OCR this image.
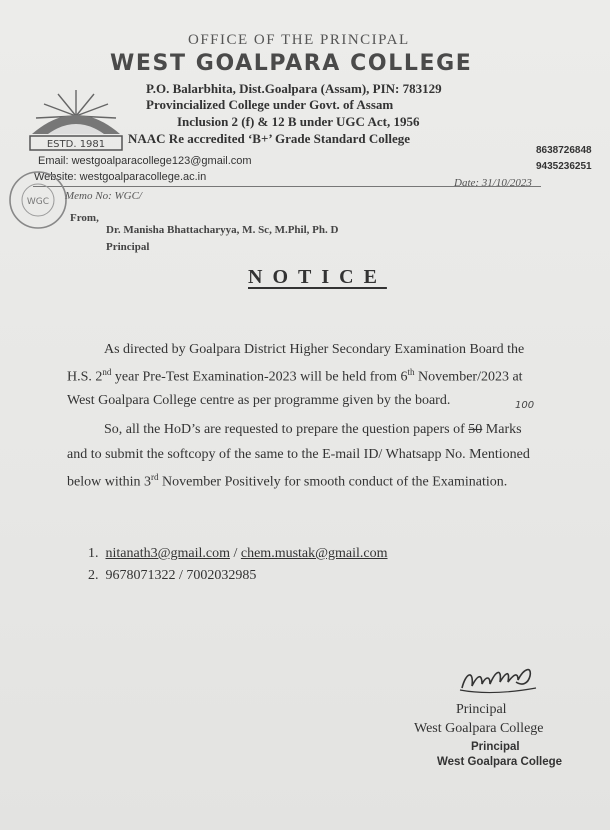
OFFICE OF THE PRINCIPAL
WEST GOALPARA COLLEGE
ESTD. 1981
P.O. Balarbhita, Dist.Goalpara (Assam), PIN: 783129
Provincialized College under Govt. of Assam
Inclusion 2 (f) & 12 B under UGC Act, 1956
NAAC Re accredited ‘B+’ Grade Standard College
8638726848
9435236251
Email: westgoalparacollege123@gmail.com
Website: westgoalparacollege.ac.in
WGC Memo No: WGC/
Date: 31/10/2023
From,
Dr. Manisha Bhattacharyya, M. Sc, M.Phil, Ph. D
Principal
NOTICE
As directed by Goalpara District Higher Secondary Examination Board the
H.S. 2nd year Pre-Test Examination-2023 will be held from 6th November/2023 at
West Goalpara College centre as per programme given by the board.
So, all the HoD’s are requested to prepare the question papers of 50 Marks
100
and to submit the softcopy of the same to the E-mail ID/ Whatsapp No. Mentioned
below within 3rd November Positively for smooth conduct of the Examination.
1. nitanath3@gmail.com / chem.mustak@gmail.com
2. 9678071322 / 7002032985
Principal
West Goalpara College
Principal
West Goalpara College
